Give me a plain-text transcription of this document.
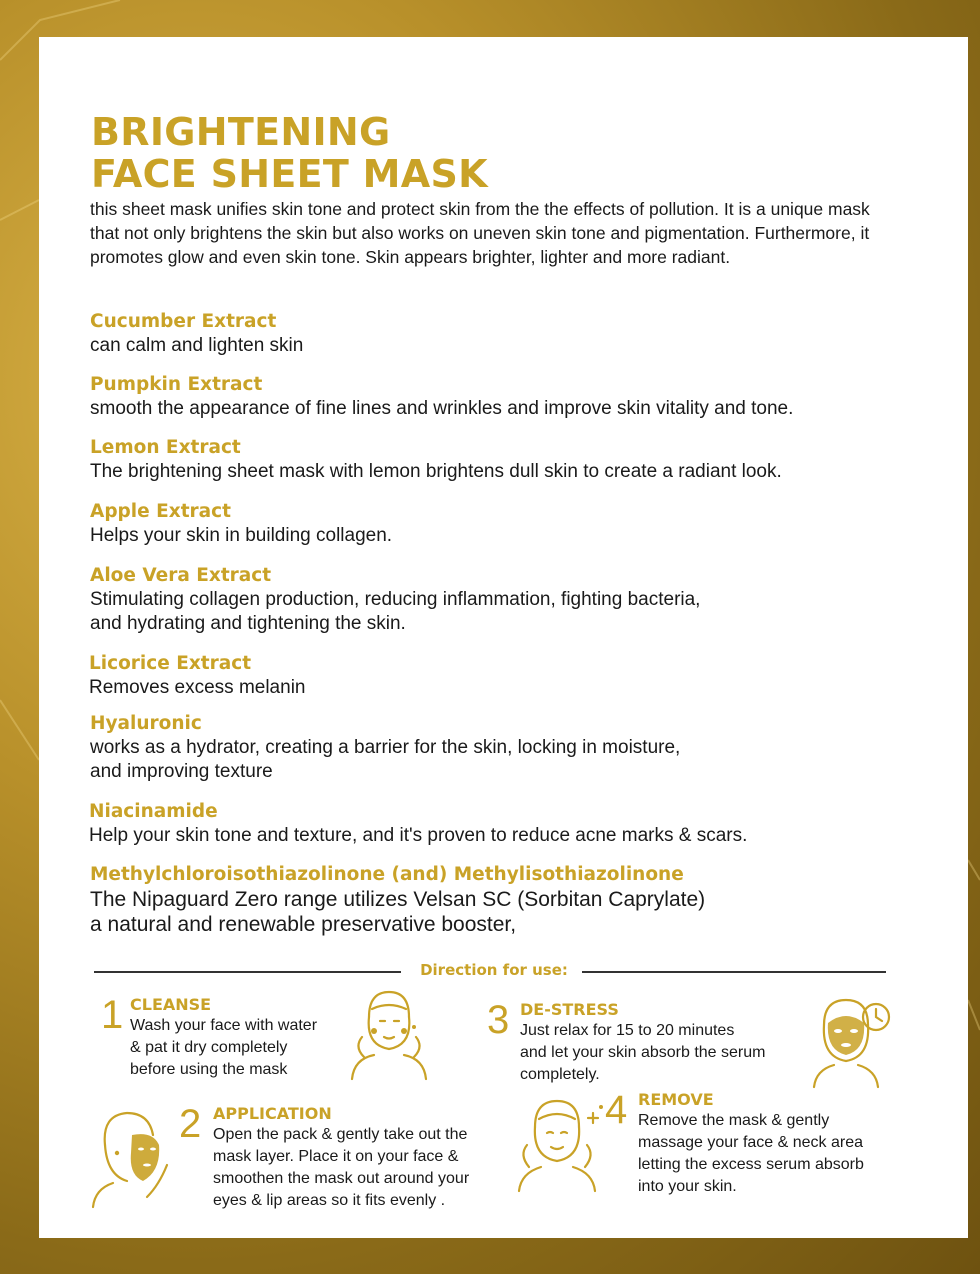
BRIGHTENING
FACE SHEET MASK

this sheet mask unifies skin tone and protect skin from the the effects of pollution. It is a unique mask that not only brightens the skin but also works on uneven skin tone and pigmentation. Furthermore, it promotes glow and even skin tone. Skin appears brighter, lighter and more radiant.

Cucumber Extract

can calm and lighten skin

Pumpkin Extract

smooth the appearance of fine lines and wrinkles and improve skin vitality and tone.

Lemon Extract

The brightening sheet mask with lemon brightens dull skin to create a radiant look.

Apple Extract

Helps your skin in building collagen.

Aloe Vera Extract

Stimulating collagen production, reducing inflammation, fighting bacteria,

and hydrating and tightening the skin.

Licorice Extract

Removes excess melanin

Hyaluronic

works as a hydrator, creating a barrier for the skin, locking in moisture,

and improving texture

Niacinamide

Help your skin tone and texture, and it's proven to reduce acne marks & scars.

Methylchloroisothiazolinone (and) Methylisothiazolinone

The Nipaguard Zero range utilizes Velsan SC (Sorbitan Caprylate)

a natural and renewable preservative booster,

Direction for use:
1 CLEANSE
Wash your face with water
& pat it dry completely
before using the mask
3 DE-STRESS
Just relax for 15 to 20 minutes
and let your skin absorb the serum
completely.
2 APPLICATION
Open the pack & gently take out the
mask layer. Place it on your face &
smoothen the mask out around your
eyes & lip areas so it fits evenly .
4 REMOVE
Remove the mask & gently
massage your face & neck area
letting the excess serum absorb
into your skin.
